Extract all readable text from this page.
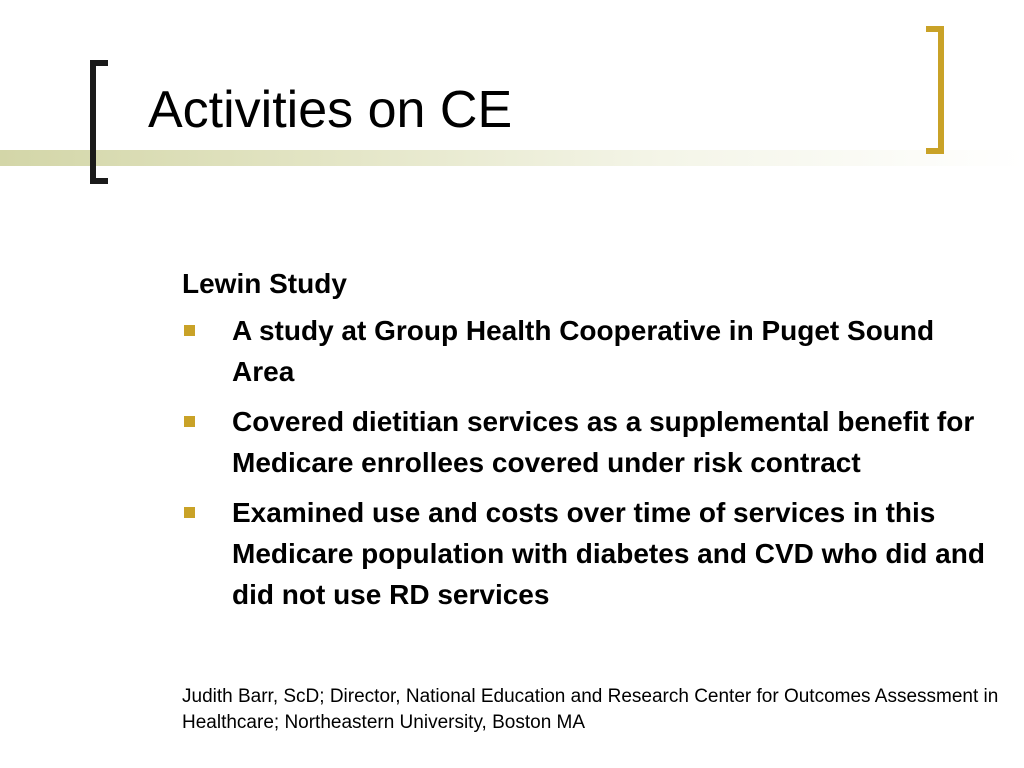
Activities on CE
Lewin Study
A study at Group Health Cooperative in Puget Sound Area
Covered dietitian services as a supplemental benefit for Medicare enrollees covered under risk contract
Examined use and costs over time of services in this Medicare population with diabetes and CVD who did and did not use RD services
Judith Barr, ScD; Director, National Education and Research Center for Outcomes Assessment in Healthcare; Northeastern University, Boston MA
